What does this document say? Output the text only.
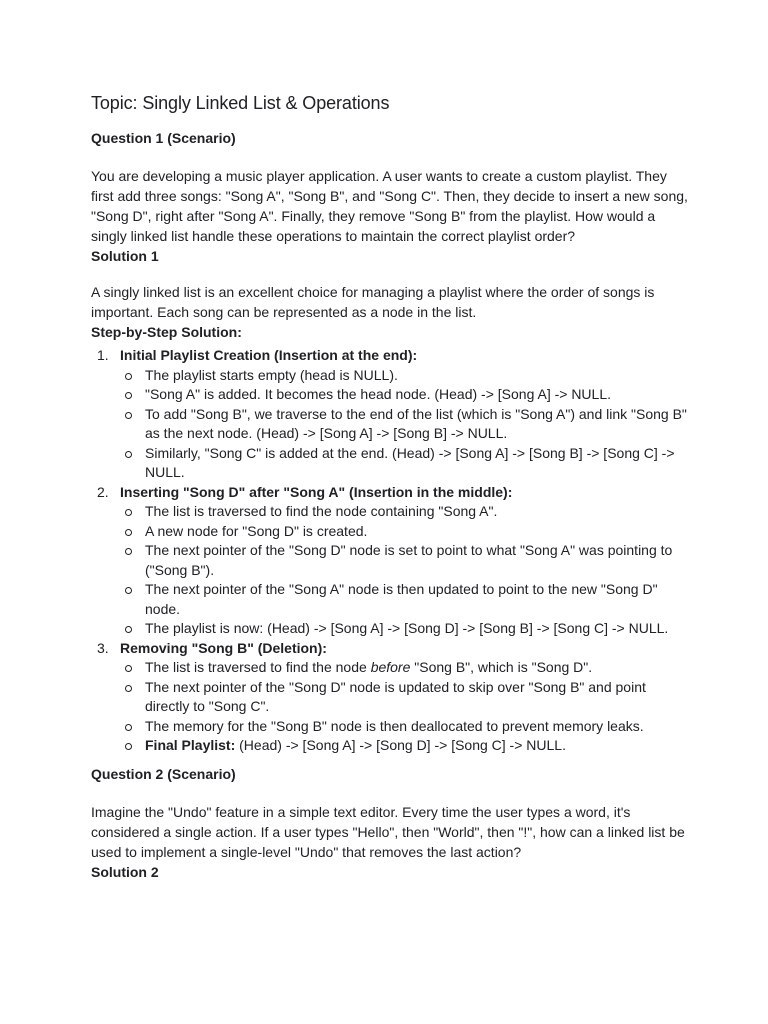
Topic: Singly Linked List & Operations
Question 1 (Scenario)

You are developing a music player application. A user wants to create a custom playlist. They first add three songs: "Song A", "Song B", and "Song C". Then, they decide to insert a new song, "Song D", right after "Song A". Finally, they remove "Song B" from the playlist. How would a singly linked list handle these operations to maintain the correct playlist order?

Solution 1

A singly linked list is an excellent choice for managing a playlist where the order of songs is important. Each song can be represented as a node in the list.

Step-by-Step Solution:
1. Initial Playlist Creation (Insertion at the end):
The playlist starts empty (head is NULL).
"Song A" is added. It becomes the head node. (Head) -> [Song A] -> NULL.
To add "Song B", we traverse to the end of the list (which is "Song A") and link "Song B" as the next node. (Head) -> [Song A] -> [Song B] -> NULL.
Similarly, "Song C" is added at the end. (Head) -> [Song A] -> [Song B] -> [Song C] -> NULL.
2. Inserting "Song D" after "Song A" (Insertion in the middle):
The list is traversed to find the node containing "Song A".
A new node for "Song D" is created.
The next pointer of the "Song D" node is set to point to what "Song A" was pointing to ("Song B").
The next pointer of the "Song A" node is then updated to point to the new "Song D" node.
The playlist is now: (Head) -> [Song A] -> [Song D] -> [Song B] -> [Song C] -> NULL.
3. Removing "Song B" (Deletion):
The list is traversed to find the node before "Song B", which is "Song D".
The next pointer of the "Song D" node is updated to skip over "Song B" and point directly to "Song C".
The memory for the "Song B" node is then deallocated to prevent memory leaks.
Final Playlist: (Head) -> [Song A] -> [Song D] -> [Song C] -> NULL.
Question 2 (Scenario)

Imagine the "Undo" feature in a simple text editor. Every time the user types a word, it's considered a single action. If a user types "Hello", then "World", then "!", how can a linked list be used to implement a single-level "Undo" that removes the last action?

Solution 2
